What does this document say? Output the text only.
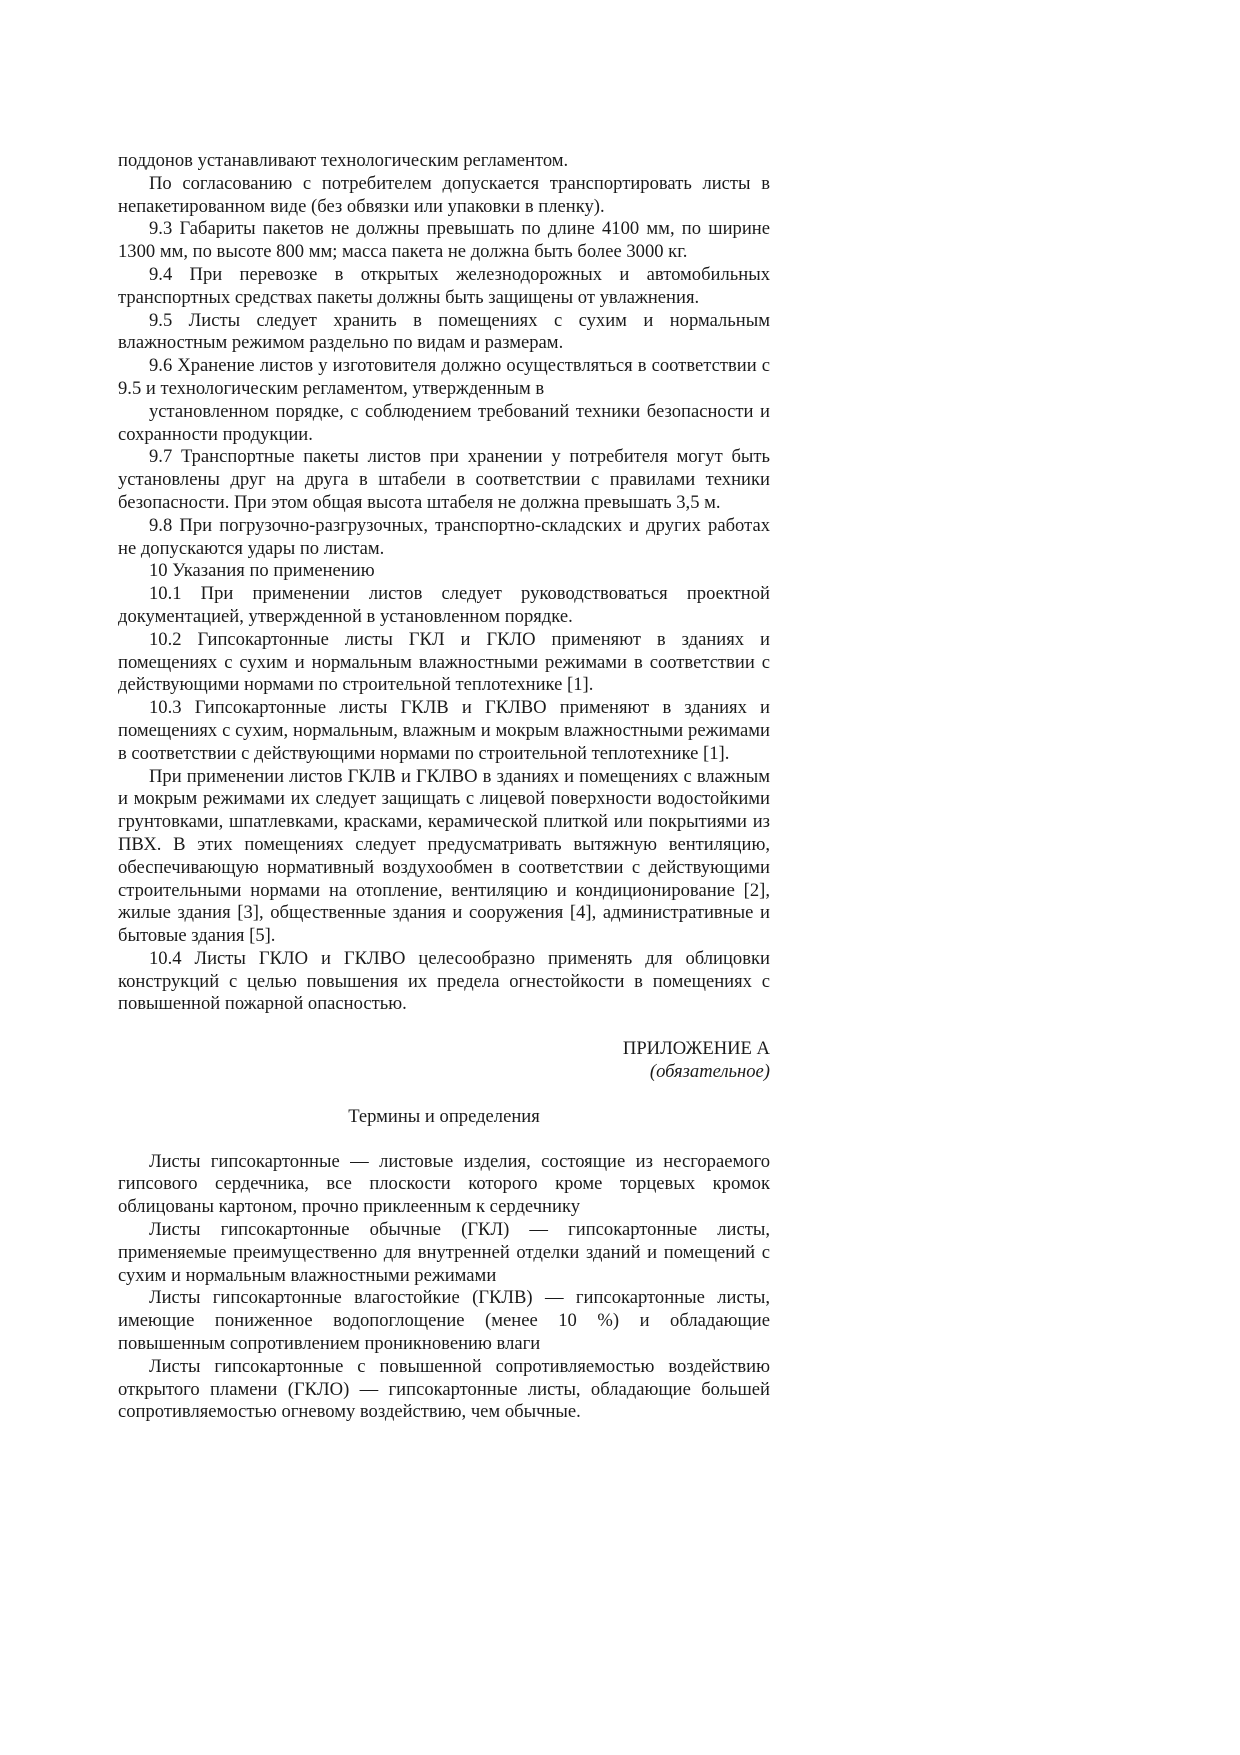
поддонов устанавливают технологическим регламентом.

По согласованию с потребителем допускается транспортировать листы в непакетированном виде (без обвязки или упаковки в пленку).

9.3 Габариты пакетов не должны превышать по длине 4100 мм, по ширине 1300 мм, по высоте 800 мм; масса пакета не должна быть более 3000 кг.

9.4 При перевозке в открытых железнодорожных и автомобильных транспортных средствах пакеты должны быть защищены от увлажнения.

9.5 Листы следует хранить в помещениях с сухим и нормальным влажностным режимом раздельно по видам и размерам.

9.6 Хранение листов у изготовителя должно осуществляться в соответствии с 9.5 и технологическим регламентом, утвержденным в

установленном порядке, с соблюдением требований техники безопасности и сохранности продукции.

9.7 Транспортные пакеты листов при хранении у потребителя могут быть установлены друг на друга в штабели в соответствии с правилами техники безопасности. При этом общая высота штабеля не должна превышать 3,5 м.

9.8 При погрузочно-разгрузочных, транспортно-складских и других работах не допускаются удары по листам.

10 Указания по применению

10.1 При применении листов следует руководствоваться проектной документацией, утвержденной в установленном порядке.

10.2 Гипсокартонные листы ГКЛ и ГКЛО применяют в зданиях и помещениях с сухим и нормальным влажностными режимами в соответствии с действующими нормами по строительной теплотехнике [1].

10.3 Гипсокартонные листы ГКЛВ и ГКЛВО применяют в зданиях и помещениях с сухим, нормальным, влажным и мокрым влажностными режимами в соответствии с действующими нормами по строительной теплотехнике [1].

При применении листов ГКЛВ и ГКЛВО в зданиях и помещениях с влажным и мокрым режимами их следует защищать с лицевой поверхности водостойкими грунтовками, шпатлевками, красками, керамической плиткой или покрытиями из ПВХ. В этих помещениях следует предусматривать вытяжную вентиляцию, обеспечивающую нормативный воздухообмен в соответствии с действующими строительными нормами на отопление, вентиляцию и кондиционирование [2], жилые здания [3], общественные здания и сооружения [4], административные и бытовые здания [5].

10.4 Листы ГКЛО и ГКЛВО целесообразно применять для облицовки конструкций с целью повышения их предела огнестойкости в помещениях с повышенной пожарной опасностью.

ПРИЛОЖЕНИЕ А
(обязательное)
Термины и определения

Листы гипсокартонные — листовые изделия, состоящие из несгораемого гипсового сердечника, все плоскости которого кроме торцевых кромок облицованы картоном, прочно приклеенным к сердечнику

Листы гипсокартонные обычные (ГКЛ) — гипсокартонные листы, применяемые преимущественно для внутренней отделки зданий и помещений с сухим и нормальным влажностными режимами

Листы гипсокартонные влагостойкие (ГКЛВ) — гипсокартонные листы, имеющие пониженное водопоглощение (менее 10 %) и обладающие повышенным сопротивлением проникновению влаги

Листы гипсокартонные с повышенной сопротивляемостью воздействию открытого пламени (ГКЛО) — гипсокартонные листы, обладающие большей сопротивляемостью огневому воздействию, чем обычные.
